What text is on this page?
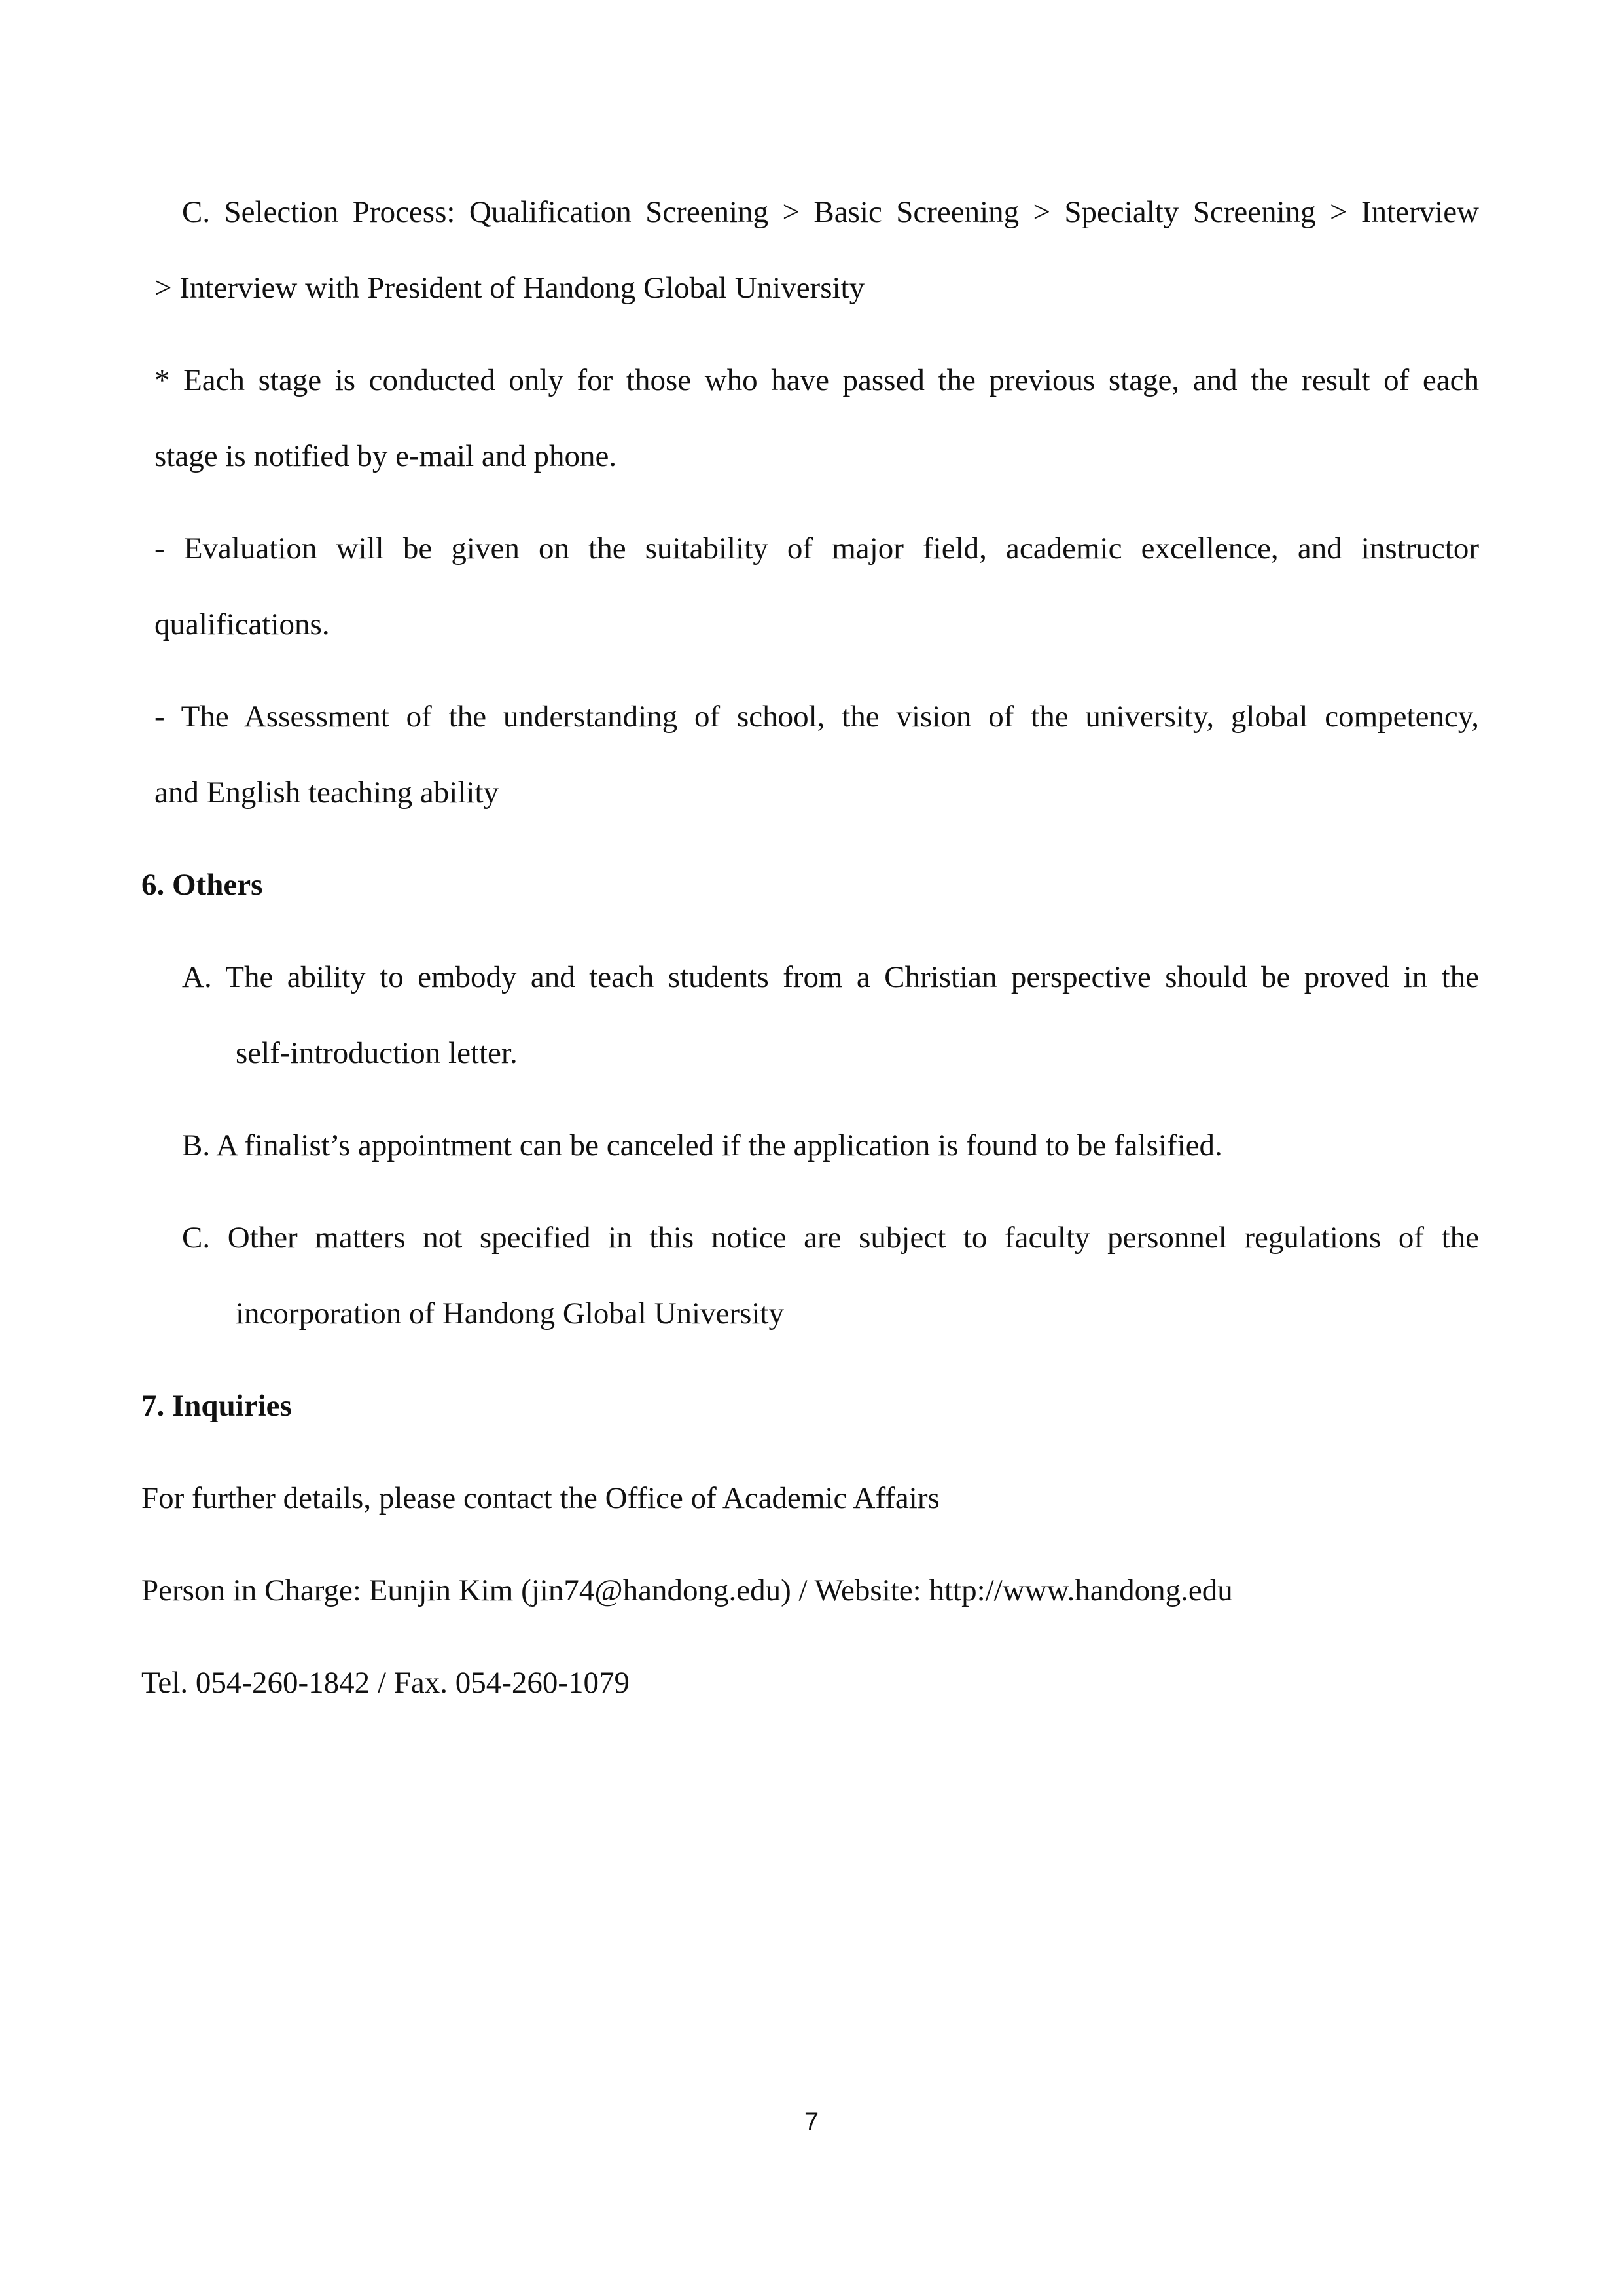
C. Selection Process: Qualification Screening > Basic Screening > Specialty Screening > Interview
> Interview with President of Handong Global University
* Each stage is conducted only for those who have passed the previous stage, and the result of each
stage is notified by e-mail and phone.
- Evaluation will be given on the suitability of major field, academic excellence, and instructor
qualifications.
- The Assessment of the understanding of school, the vision of the university, global competency,
and English teaching ability
6. Others
A. The ability to embody and teach students from a Christian perspective should be proved in the
self-introduction letter.
B. A finalist’s appointment can be canceled if the application is found to be falsified.
C. Other matters not specified in this notice are subject to faculty personnel regulations of the
incorporation of Handong Global University
7. Inquiries
For further details, please contact the Office of Academic Affairs
Person in Charge: Eunjin Kim (jin74@handong.edu) / Website: http://www.handong.edu
Tel. 054-260-1842 / Fax. 054-260-1079
7
